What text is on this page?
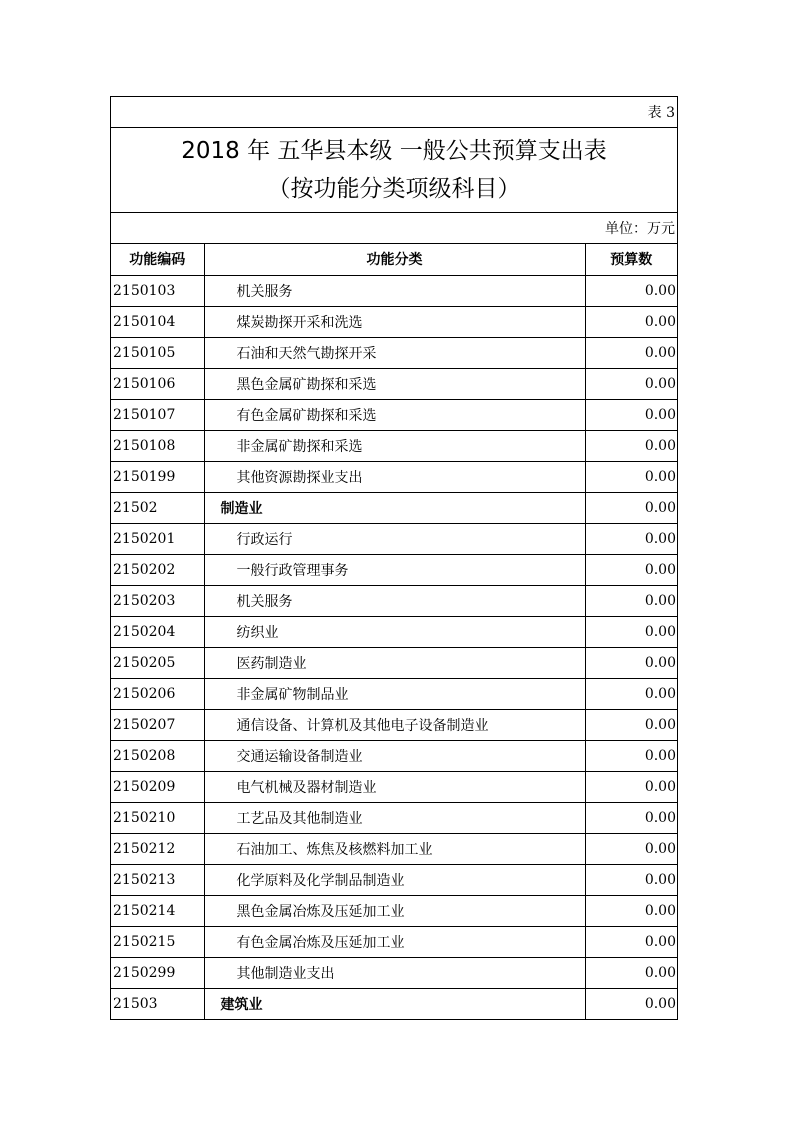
表 3
2018 年 五华县本级 一般公共预算支出表
（按功能分类项级科目）
单位：万元
功能编码	功能分类	预算数
2150103	机关服务	0.00
2150104	煤炭勘探开采和洗选	0.00
2150105	石油和天然气勘探开采	0.00
2150106	黑色金属矿勘探和采选	0.00
2150107	有色金属矿勘探和采选	0.00
2150108	非金属矿勘探和采选	0.00
2150199	其他资源勘探业支出	0.00
21502	制造业	0.00
2150201	行政运行	0.00
2150202	一般行政管理事务	0.00
2150203	机关服务	0.00
2150204	纺织业	0.00
2150205	医药制造业	0.00
2150206	非金属矿物制品业	0.00
2150207	通信设备、计算机及其他电子设备制造业	0.00
2150208	交通运输设备制造业	0.00
2150209	电气机械及器材制造业	0.00
2150210	工艺品及其他制造业	0.00
2150212	石油加工、炼焦及核燃料加工业	0.00
2150213	化学原料及化学制品制造业	0.00
2150214	黑色金属冶炼及压延加工业	0.00
2150215	有色金属冶炼及压延加工业	0.00
2150299	其他制造业支出	0.00
21503	建筑业	0.00
